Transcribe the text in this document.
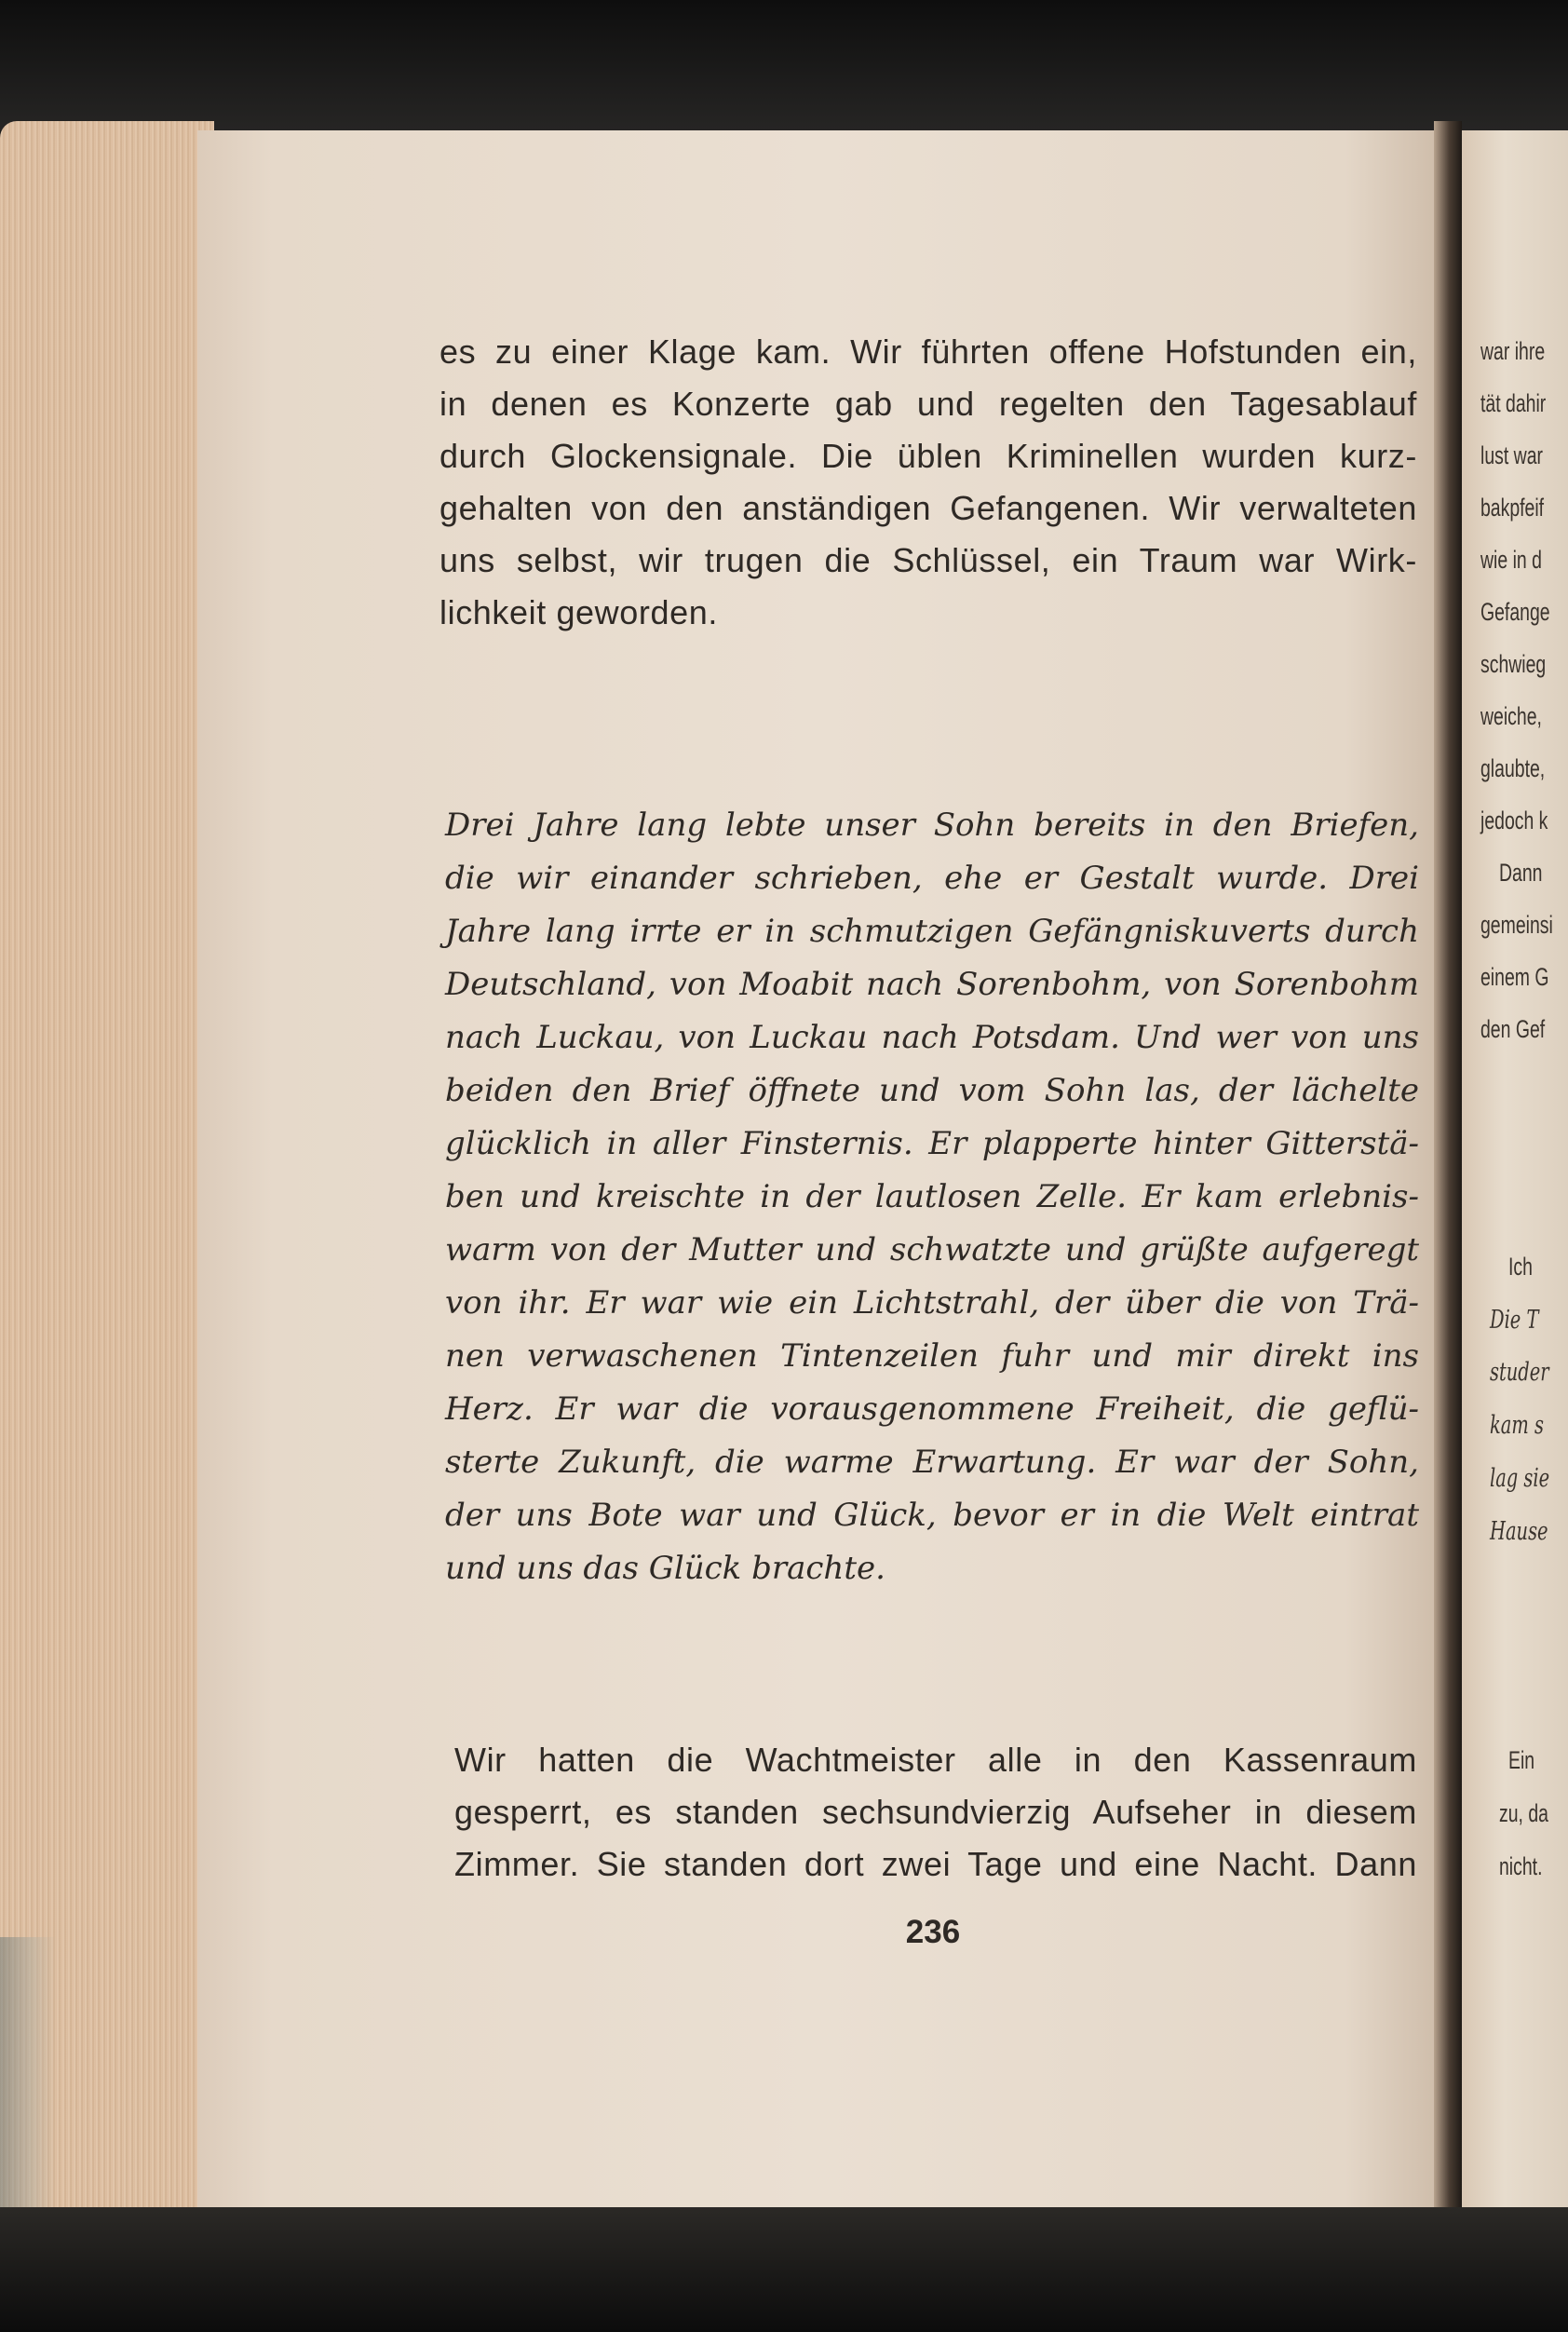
war ihre
tät dahir
lust war
bakpfeif
wie in d
Gefange
schwieg
weiche,
glaubte,
jedoch k
Dann
gemeinsi
einem G
den Gef
Ich
Die T
studer
kam s
lag sie
Hause
Ein
zu, da
nicht.
es zu einer Klage kam. Wir führten offene Hofstunden ein,
in denen es Konzerte gab und regelten den Tagesablauf
durch Glockensignale. Die üblen Kriminellen wurden kurz-
gehalten von den anständigen Gefangenen. Wir verwalteten
uns selbst, wir trugen die Schlüssel, ein Traum war Wirk-
lichkeit geworden.
Drei Jahre lang lebte unser Sohn bereits in den Briefen,
die wir einander schrieben, ehe er Gestalt wurde. Drei
Jahre lang irrte er in schmutzigen Gefängniskuverts durch
Deutschland, von Moabit nach Sorenbohm, von Sorenbohm
nach Luckau, von Luckau nach Potsdam. Und wer von uns
beiden den Brief öffnete und vom Sohn las, der lächelte
glücklich in aller Finsternis. Er plapperte hinter Gitterstä-
ben und kreischte in der lautlosen Zelle. Er kam erlebnis-
warm von der Mutter und schwatzte und grüßte aufgeregt
von ihr. Er war wie ein Lichtstrahl, der über die von Trä-
nen verwaschenen Tintenzeilen fuhr und mir direkt ins
Herz. Er war die vorausgenommene Freiheit, die geflü-
sterte Zukunft, die warme Erwartung. Er war der Sohn,
der uns Bote war und Glück, bevor er in die Welt eintrat
und uns das Glück brachte.
Wir hatten die Wachtmeister alle in den Kassenraum
gesperrt, es standen sechsundvierzig Aufseher in diesem
Zimmer. Sie standen dort zwei Tage und eine Nacht. Dann
236
